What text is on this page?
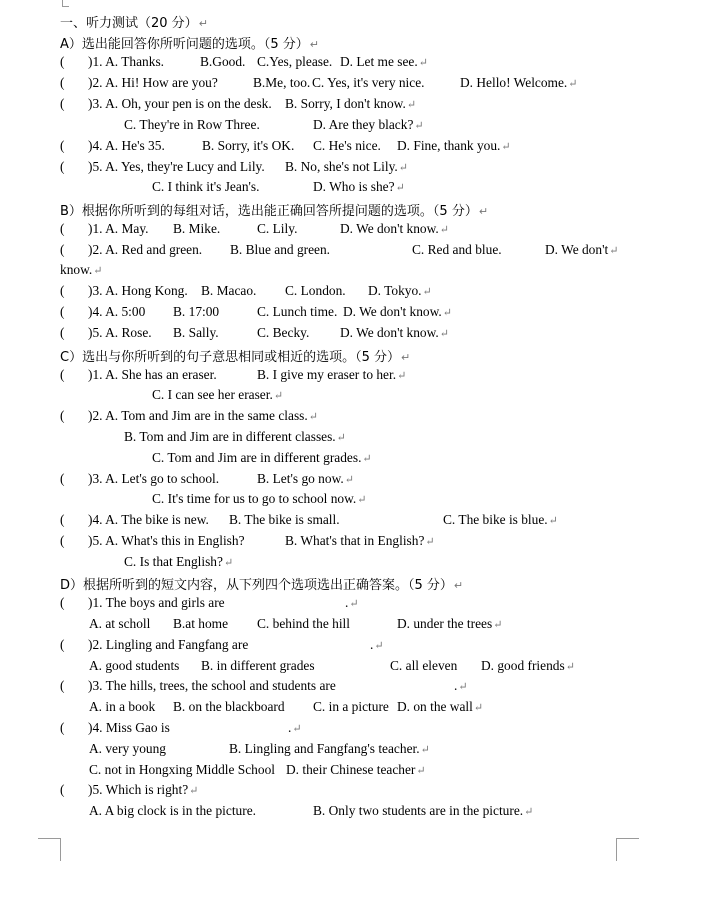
一、听力测试（20 分）↵
A）选出能回答你所听问题的选项。（5 分）↵
( )1. A. Thanks.	B.Good. C.Yes, please. D. Let me see.↵
( )2. A. Hi! How are you?	B.Me, too. C. Yes, it's very nice.	D. Hello! Welcome.↵
( )3. A. Oh, your pen is on the desk. B. Sorry, I don't know.↵
C. They're in Row Three.	D. Are they black?↵
( )4. A. He's 35.	B. Sorry, it's OK. C. He's nice. D. Fine, thank you.↵
( )5. A. Yes, they're Lucy and Lily. B. No, she's not Lily.↵
C. I think it's Jean's.	D. Who is she?↵
B）根据你所听到的每组对话，选出能正确回答所提问题的选项。（5 分）↵
( )1. A. May. B. Mike.	C. Lily.	D. We don't know.↵
( )2. A. Red and green. B. Blue and green.	C. Red and blue.	D. We don't↵
know.↵
( )3. A. Hong Kong. B. Macao. C. London. D. Tokyo.↵
( )4. A. 5:00 B. 17:00	C. Lunch time. D. We don't know.↵
( )5. A. Rose. B. Sally.	C. Becky. D. We don't know.↵
C）选出与你所听到的句子意思相同或相近的选项。（5 分）↵
( )1. A. She has an eraser.	B. I give my eraser to her.↵
C. I can see her eraser.↵
( )2. A. Tom and Jim are in the same class.↵
B. Tom and Jim are in different classes.↵
C. Tom and Jim are in different grades.↵
( )3. A. Let's go to school.	B. Let's go now.↵
C. It's time for us to go to school now.↵
( )4. A. The bike is new. B. The bike is small.	C. The bike is blue.↵
( )5. A. What's this in English?	B. What's that in English?↵
C. Is that English?↵
D）根据所听到的短文内容，从下列四个选项选出正确答案。（5 分）↵
( )1. The boys and girls are	.↵
A. at scholl B.at home C. behind the hill	D. under the trees↵
( )2. Lingling and Fangfang are	.↵
A. good students B. in different grades	C. all eleven D. good friends↵
( )3. The hills, trees, the school and students are	.↵
A. in a book B. on the blackboard C. in a picture D. on the wall↵
( )4. Miss Gao is	.↵
A. very young	B. Lingling and Fangfang's teacher.↵
C. not in Hongxing Middle School D. their Chinese teacher↵
( )5. Which is right?↵
A. A big clock is in the picture.	B. Only two students are in the picture.↵
